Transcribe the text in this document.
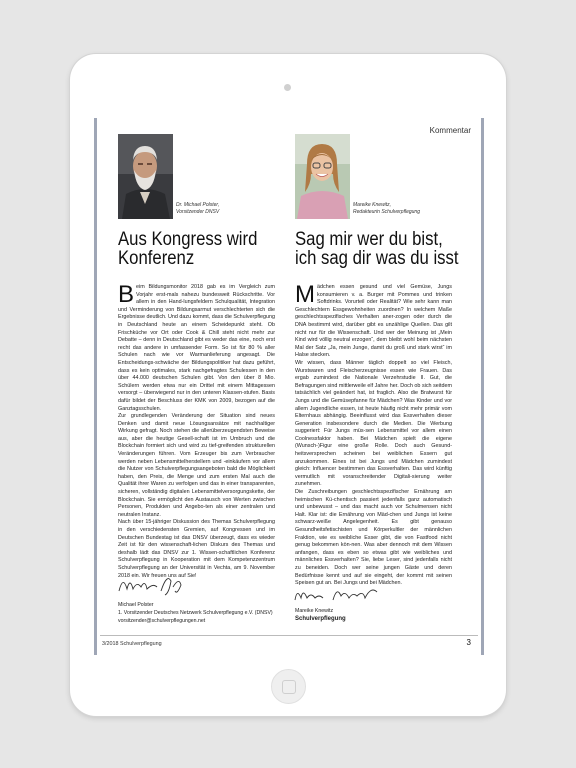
Kommentar
Dr. Michael Polster,
Vorsitzender DNSV
Mareike Knewitz,
Redakteurin Schulverpflegung
Aus Kongress wird
Konferenz
Sag mir wer du bist,
ich sag dir was du isst

Beim Bildungsmonitor 2018 gab es im Vergleich zum Vorjahr erst-mals nahezu bundesweit Rückschritte. Vor allem in den Hand-lungsfeldern Schulqualität, Integration und Verminderung von Bildungsarmut verschlechterten sich die Ergebnisse deutlich. Und dazu kommt, dass die Schulverpflegung in Deutschland heute an einem Scheidepunkt steht. Ob Frischküche vor Ort oder Cook & Chill steht nicht mehr zur Debatte – denn in Deutschland gibt es weder das eine, noch erst recht das andere in umfassender Form. So ist für 80 % aller Schulen nach wie vor Warmanlieferung angesagt. Die Entscheidungs-schwäche der Bildungspolitiker hat dazu geführt, dass es kein optimales, stark nachgefragtes Schulessen in den über 44.000 deutschen Schulen gibt. Von den über 8 Mio. Schülern werden etwa nur ein Drittel mit einem Mittagessen versorgt – überwiegend nur in den unteren Klassen-stufen. Basis dafür bildet der Beschluss der KMK von 2009, bezogen auf die Ganztagsschulen.

Zur grundlegenden Veränderung der Situation sind neues Denken und damit neue Lösungsansätze mit nachhaltiger Wirkung gefragt. Noch stehen die allerüberzeugendsten Beweise aus, aber die heutige Gesell-schaft ist im Umbruch und die Blockchain formiert sich und wird zu tief-greifenden strukturellen Veränderungen führen. Vom Erzeuger bis zum Verbraucher werden neben Lebensmittelherstellern und -einkäufern vor allem die Nutzer von Schulverpflegungsangeboten bald die Möglichkeit haben, den Preis, die Menge und zum ersten Mal auch die Qualität ihrer Waren zu verfolgen und das in einer transparenten, sicheren, vollständig digitalen Lebensmittelversorgungskette, der Blockchain. Sie ermöglicht den Austausch von Werten zwischen Personen, Produkten und Angebo-ten als einer zentralen und neutralen Instanz.

Nach über 15-jähriger Diskussion des Themas Schulverpflegung in den verschiedensten Gremien, auf Kongressen und im Deutschen Bundestag ist das DNSV überzeugt, dass es wieder Zeit ist für den wissenschaft-lichen Diskurs des Themas und deshalb lädt das DNSV zur 1. Wissen-schaftlichen Konferenz Schulverpflegung in Kooperation mit dem Kompetenzzentrum Schulverpflegung an der Universität in Vechta, am 9. November 2018 ein. Wir freuen uns auf Sie!

Mädchen essen gesund und viel Gemüse, Jungs konsumieren v. a. Burger mit Pommes und trinken Softdrinks. Vorurteil oder Realität? Wie sehr kann man Geschlechtern Essgewohnheiten zuordnen? In welchem Maße geschlechtsspezifisches Verhalten aner-zogen oder durch die DNA bestimmt wird, darüber gibt es unzählige Quellen. Das gilt nicht nur für die Wissenschaft. Und wer der Meinung ist „Mein Kind wird völlig neutral erzogen“, dem bleibt wohl beim nächsten Mal der Satz „Ja, mein Junge, damit du groß und stark wirst“ im Halse stecken.

Wir wissen, dass Männer täglich doppelt so viel Fleisch, Wurstwaren und Fleischerzeugnisse essen wie Frauen. Das ergab zumindest die Nationale Verzehrstudie II. Gut, die Befragungen sind mittlerweile elf Jahre her. Doch ob sich seitdem tatsächlich viel geändert hat, ist fraglich. Also die Bratwurst für Jungs und die Gemüsepfanne für Mädchen? Was Kinder und vor allem Jugendliche essen, ist heute häufig nicht mehr primär vom Elternhaus abhängig. Beeinflusst wird das Essverhalten dieser Generation insbesondere durch die Medien. Die Werbung suggeriert: Für Jungs müs-sen Lebensmittel vor allem einen Coolnessfaktor haben. Bei Mädchen spielt die eigene (Wunsch-)Figur eine große Rolle. Doch auch Gesund-heitsversprechen scheinen bei weiblichen Essern gut anzukommen. Eines ist bei Jungs und Mädchen zumindest gleich: Influencer bestimmen das Essverhalten. Das wird künftig vermutlich mit voranschreitender Digitali-sierung weiter zunehmen.

Die Zuschreibungen geschlechtsspezifischer Ernährung am heimischen Kü-chentisch passiert jedenfalls ganz automatisch und unbewusst – und das macht auch vor Schulmensen nicht Halt. Klar ist: die Ernährung von Mäd-chen und Jungs ist keine schwarz-weiße Angelegenheit. Es gibt genauso Gesundheitsfetischisten und Körperkultler der männlichen Fraktion, wie es weibliche Esser gibt, die von Fastfood nicht genug bekommen kön-nen. Was aber dennoch mit dem Wissen anfangen, dass es eben so etwas gibt wie weibliches und männliches Essverhalten? Sie, liebe Leser, sind jedenfalls nicht zu beneiden. Doch wer seine jungen Gäste und deren Bedürfnisse kennt und auf sie eingeht, der kommt mit seinen Speisen gut an. Bei Jungs und bei Mädchen.

Michael Polster
1. Vorsitzender Deutsches Netzwerk Schulverpflegung e.V. (DNSV)
vorsitzender@schulverpflegungen.net
Mareike Knewitz
Schulverpflegung
3/2018 Schulverpflegung	3
